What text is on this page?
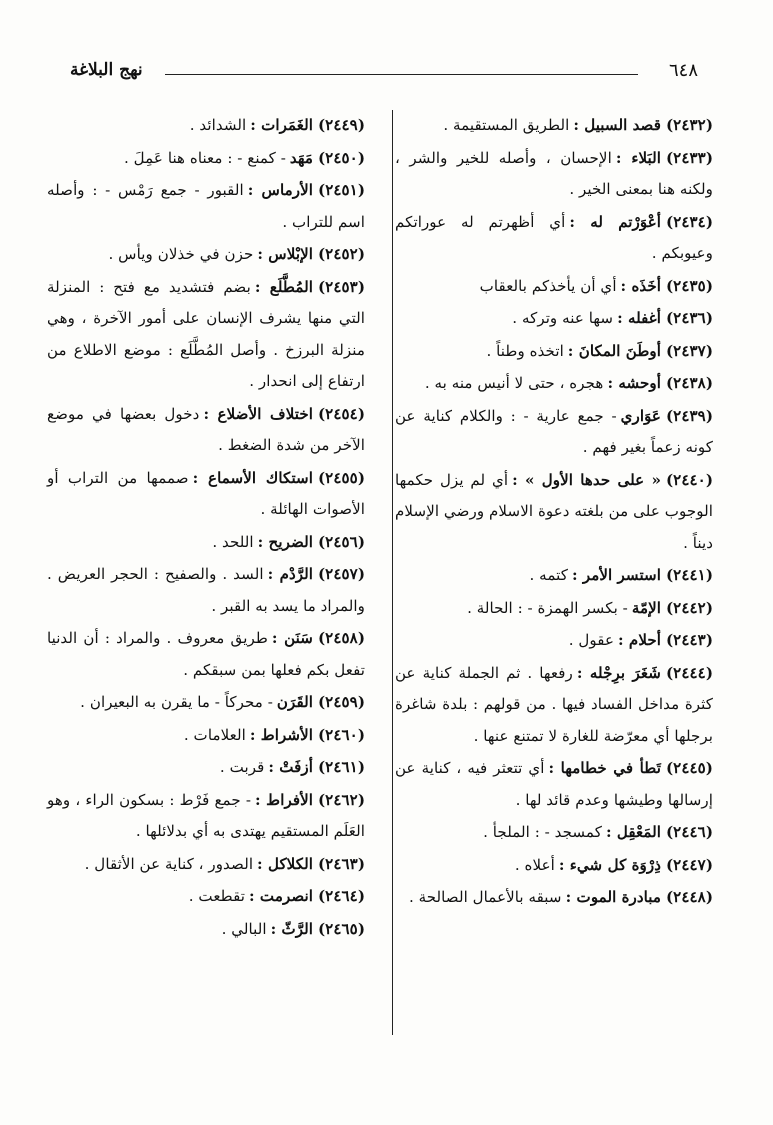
٦٤٨
نهج البلاغة

(٢٤٣٢)قصد السبيل :الطريق المستقيمة .

(٢٤٣٣)البَلاء :الإحسان ، وأصله للخير والشر ، ولكنه هنا بمعنى الخير .

(٢٤٣٤)أعْوَرْتم له :أي أظهرتم له عوراتكم وعيوبكم .

(٢٤٣٥)أخَذَه :أي أن يأخذكم بالعقاب

(٢٤٣٦)أغفله :سها عنه وتركه .

(٢٤٣٧)أوطَنَ المكانَ :اتخذه وطناً .

(٢٤٣٨)أوحشه :هجره ، حتى لا أنيس منه به .

(٢٤٣٩)عَوَاري- جمع عارية - : والكلام كناية عن كونه زعماً بغير فهم .

(٢٤٤٠)« على حدها الأول » :أي لم يزل حكمها الوجوب على من بلغته دعوة الاسلام ورضي الإسلام ديناً .

(٢٤٤١)استسر الأمر :كتمه .

(٢٤٤٢)الإمّة- بكسر الهمزة - : الحالة .

(٢٤٤٣)أحلام :عقول .

(٢٤٤٤)شَغَرَ برِجْله :رفعها . ثم الجملة كناية عن كثرة مداخل الفساد فيها . من قولهم : بلدة شاغرة برجلها أي معرّضة للغارة لا تمتنع عنها .

(٢٤٤٥)تَطأ في خطامها :أي تتعثر فيه ، كناية عن إرسالها وطيشها وعدم قائد لها .

(٢٤٤٦)المَعْقِل :كمسجد - : الملجأ .

(٢٤٤٧)ذِرْوَة كل شيء :أعلاه .

(٢٤٤٨)مبادرة الموت :سبقه بالأعمال الصالحة .

(٢٤٤٩)الغَمَرات :الشدائد .

(٢٤٥٠)مَهَد- كمنع - : معناه هنا عَمِلَ .

(٢٤٥١)الأرماس :القبور - جمع رَمْس - : وأصله اسم للتراب .

(٢٤٥٢)الإبْلاس :حزن في خذلان ويأس .

(٢٤٥٣)المُطَّلَع :بضم فتشديد مع فتح : المنزلة التي منها يشرف الإنسان على أمور الآخرة ، وهي منزلة البرزخ . وأصل المُطَّلَع : موضع الاطلاع من ارتفاع إلى انحدار .

(٢٤٥٤)اختلاف الأضلاع :دخول بعضها في موضع الآخر من شدة الضغط .

(٢٤٥٥)استكاك الأسماع :صممها من التراب أو الأصوات الهائلة .

(٢٤٥٦)الضريح :اللحد .

(٢٤٥٧)الرَّدْم :السد . والصفيح : الحجر العريض . والمراد ما يسد به القبر .

(٢٤٥٨)سَنَن :طريق معروف . والمراد : أن الدنيا تفعل بكم فعلها بمن سبقكم .

(٢٤٥٩)القَرَن- محركاً - ما يقرن به البعيران .

(٢٤٦٠)الأشراط :العلامات .

(٢٤٦١)أزفَتْ :قربت .

(٢٤٦٢)الأفراط :- جمع فَرْط : بسكون الراء ، وهو العَلَم المستقيم يهتدى به أي بدلائلها .

(٢٤٦٣)الكلاكل :الصدور ، كناية عن الأثقال .

(٢٤٦٤)انصرمت :تقطعت .

(٢٤٦٥)الرَّثّ :البالي .
